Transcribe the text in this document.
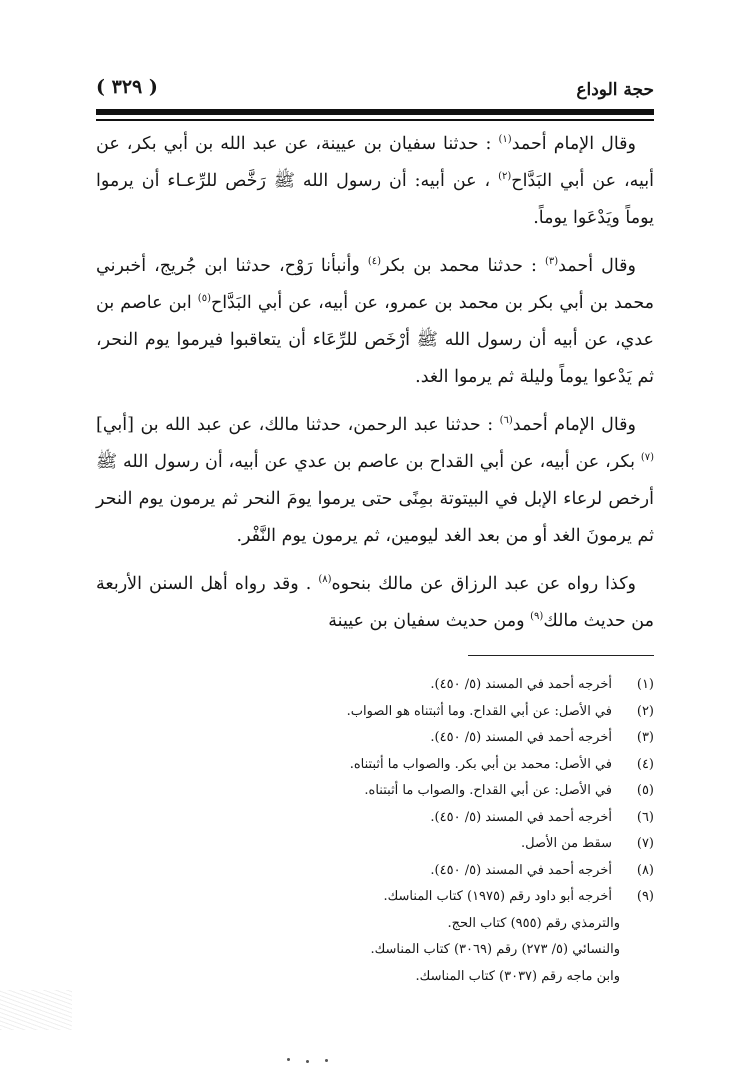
حجة الوداع
( ٣٢٩ )

وقال الإمام أحمد$^{(١)}$ : حدثنا سفيان بن عيينة، عن عبد الله بن أبي بكر، عن أبيه، عن أبي البَدَّاح$^{(٢)}$ ، عن أبيه: أن رسول الله ﷺ رَخَّص للرِّعـاء أن يرموا يوماً ويَدْعَوا يوماً.

وقال أحمد$^{(٣)}$ : حدثنا محمد بن بكر$^{(٤)}$ وأنبأنا رَوْح، حدثنا ابن جُريج، أخبرني محمد بن أبي بكر بن محمد بن عمرو، عن أبيه، عن أبي البَدَّاح$^{(٥)}$ ابن عاصم بن عدي، عن أبيه أن رسول الله ﷺ أرْخَص للرِّعَاء أن يتعاقبوا فيرموا يوم النحر، ثم يَدْعوا يوماً وليلة ثم يرموا الغد.

وقال الإمام أحمد$^{(٦)}$ : حدثنا عبد الرحمن، حدثنا مالك، عن عبد الله بن [أبي]$^{(٧)}$ بكر، عن أبيه، عن أبي القداح بن عاصم بن عدي عن أبيه، أن رسول الله ﷺ أرخص لرعاء الإبل في البيتوتة بمِنًى حتى يرموا يومَ النحر ثم يرمون يوم النحر ثم يرمونَ الغد أو من بعد الغد ليومين، ثم يرمون يوم النَّفْر.

وكذا رواه عن عبد الرزاق عن مالك بنحوه$^{(٨)}$ . وقد رواه أهل السنن الأربعة من حديث مالك$^{(٩)}$ ومن حديث سفيان بن عيينة

(١)
أخرجه أحمد في المسند (٥/ ٤٥٠).
(٢)
في الأصل: عن أبي القداح. وما أثبتناه هو الصواب.
(٣)
أخرجه أحمد في المسند (٥/ ٤٥٠).
(٤)
في الأصل: محمد بن أبي بكر. والصواب ما أثبتناه.
(٥)
في الأصل: عن أبي القداح. والصواب ما أثبتناه.
(٦)
أخرجه أحمد في المسند (٥/ ٤٥٠).
(٧)
سقط من الأصل.
(٨)
أخرجه أحمد في المسند (٥/ ٤٥٠).
(٩)
أخرجه أبو داود رقم (١٩٧٥) كتاب المناسك.
والترمذي رقم (٩٥٥) كتاب الحج.
والنسائي (٥/ ٢٧٣) رقم (٣٠٦٩) كتاب المناسك.
وابن ماجه رقم (٣٠٣٧) كتاب المناسك.
